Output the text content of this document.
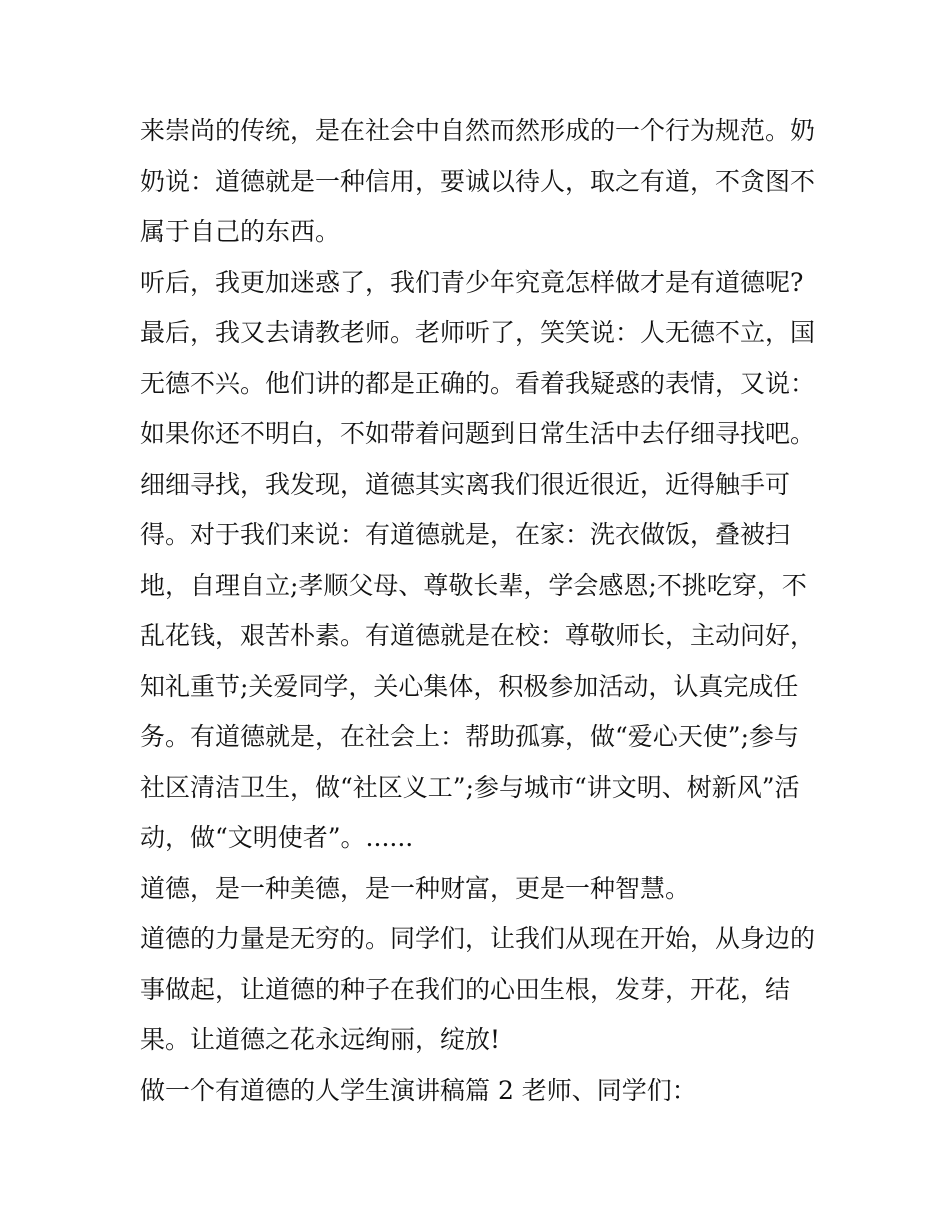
来崇尚的传统，是在社会中自然而然形成的一个行为规范。奶
奶说：道德就是一种信用，要诚以待人，取之有道，不贪图不
属于自己的东西。
听后，我更加迷惑了，我们青少年究竟怎样做才是有道德呢?
最后，我又去请教老师。老师听了，笑笑说：人无德不立，国
无德不兴。他们讲的都是正确的。看着我疑惑的表情，又说：
如果你还不明白，不如带着问题到日常生活中去仔细寻找吧。
细细寻找，我发现，道德其实离我们很近很近，近得触手可
得。对于我们来说：有道德就是，在家：洗衣做饭，叠被扫
地，自理自立;孝顺父母、尊敬长辈，学会感恩;不挑吃穿，不
乱花钱，艰苦朴素。有道德就是在校：尊敬师长，主动问好，
知礼重节;关爱同学，关心集体，积极参加活动，认真完成任
务。有道德就是，在社会上：帮助孤寡，做“爱心天使”;参与
社区清洁卫生，做“社区义工”;参与城市“讲文明、树新风”活
动，做“文明使者”。......
道德，是一种美德，是一种财富，更是一种智慧。
道德的力量是无穷的。同学们，让我们从现在开始，从身边的
事做起，让道德的种子在我们的心田生根，发芽，开花，结
果。让道德之花永远绚丽，绽放!
做一个有道德的人学生演讲稿篇 2 老师、同学们：
